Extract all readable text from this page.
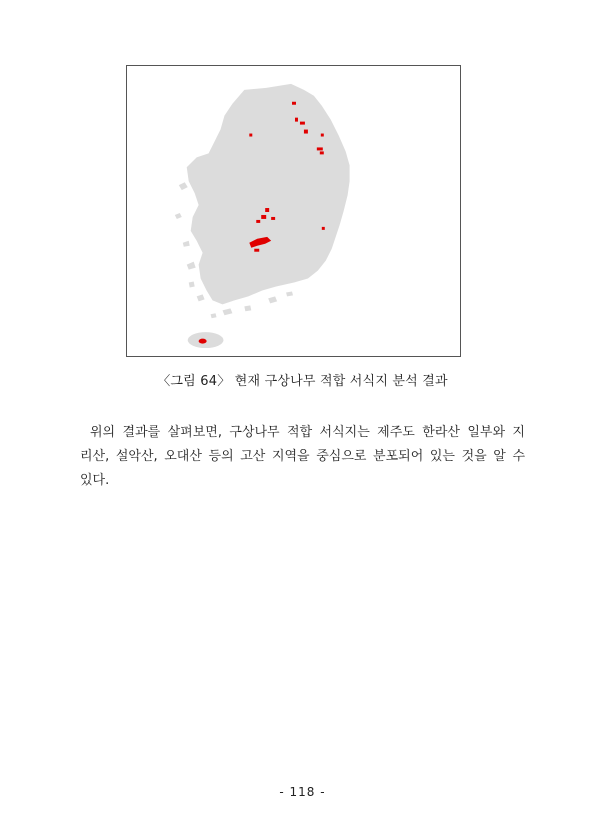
〈그림 64〉 현재 구상나무 적합 서식지 분석 결과
위의 결과를 살펴보면, 구상나무 적합 서식지는 제주도 한라산 일부와 지
리산, 설악산, 오대산 등의 고산 지역을 중심으로 분포되어 있는 것을 알 수
있다.
- 118 -
